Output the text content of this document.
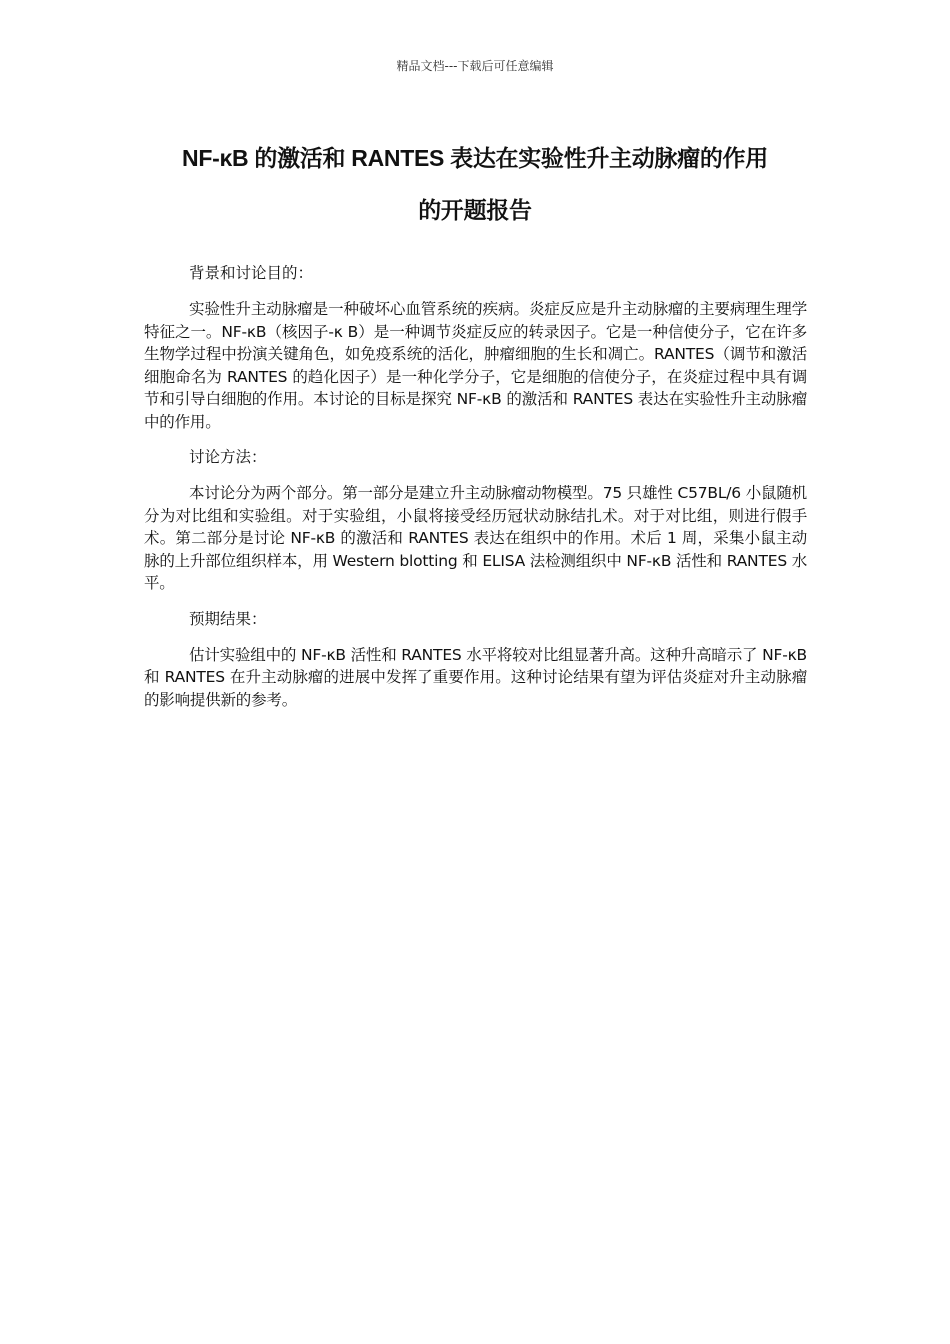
精品文档---下载后可任意编辑
NF-κB 的激活和 RANTES 表达在实验性升主动脉瘤的作用
的开题报告

背景和讨论目的：

实验性升主动脉瘤是一种破坏心血管系统的疾病。炎症反应是升主动脉瘤的主要病理生理学特征之一。NF-κB（核因子-κ B）是一种调节炎症反应的转录因子。它是一种信使分子，它在许多生物学过程中扮演关键角色，如免疫系统的活化，肿瘤细胞的生长和凋亡。RANTES（调节和激活细胞命名为 RANTES 的趋化因子）是一种化学分子，它是细胞的信使分子，在炎症过程中具有调节和引导白细胞的作用。本讨论的目标是探究 NF-κB 的激活和 RANTES 表达在实验性升主动脉瘤中的作用。

讨论方法：

本讨论分为两个部分。第一部分是建立升主动脉瘤动物模型。75 只雄性 C57BL/6 小鼠随机分为对比组和实验组。对于实验组，小鼠将接受经历冠状动脉结扎术。对于对比组，则进行假手术。第二部分是讨论 NF-κB 的激活和 RANTES 表达在组织中的作用。术后 1 周，采集小鼠主动脉的上升部位组织样本，用 Western blotting 和 ELISA 法检测组织中 NF-κB 活性和 RANTES 水平。

预期结果：

估计实验组中的 NF-κB 活性和 RANTES 水平将较对比组显著升高。这种升高暗示了 NF-κB 和 RANTES 在升主动脉瘤的进展中发挥了重要作用。这种讨论结果有望为评估炎症对升主动脉瘤的影响提供新的参考。
